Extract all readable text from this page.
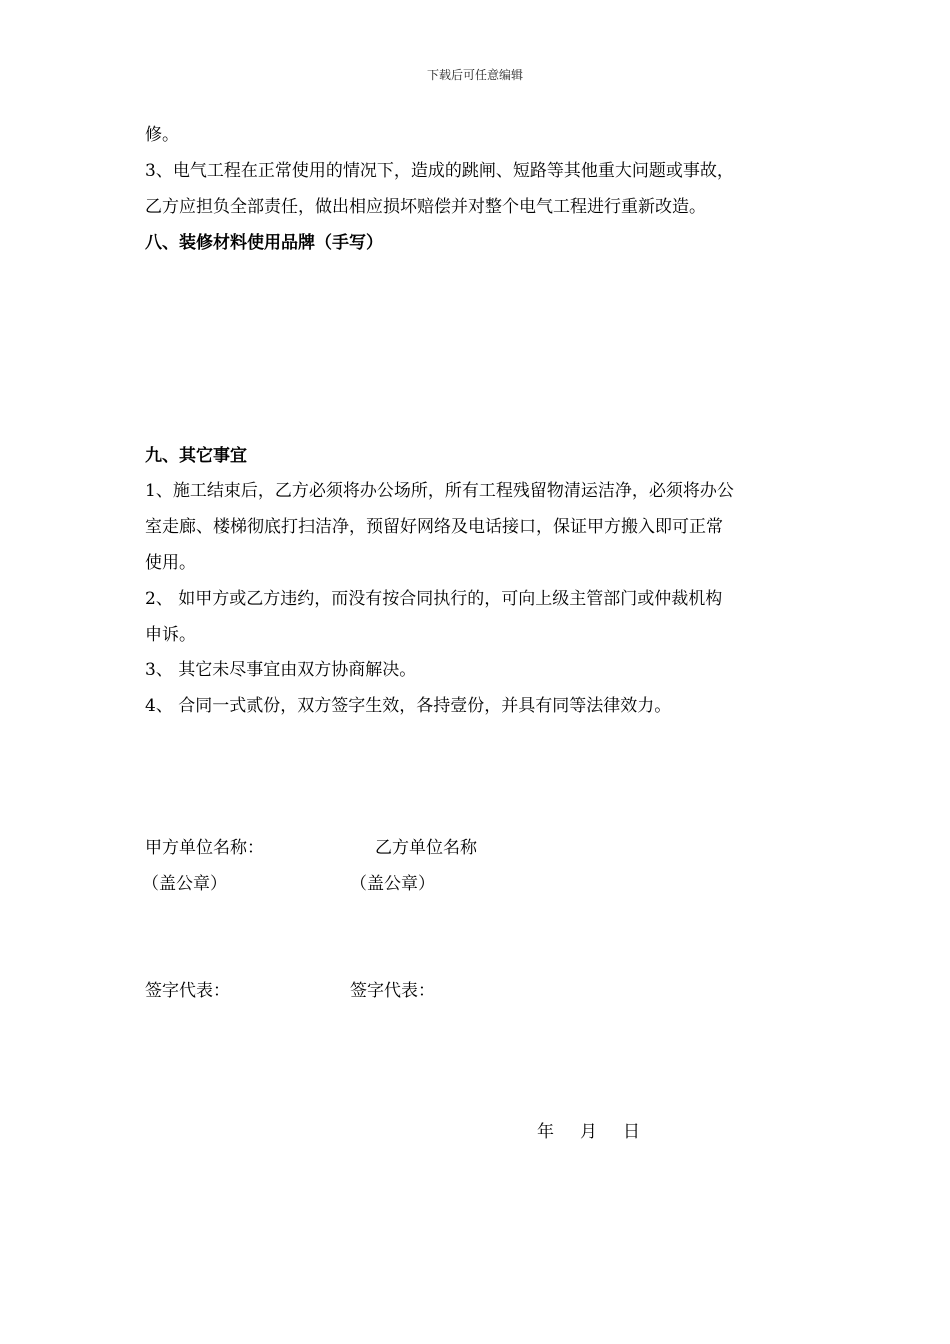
下载后可任意编辑
修。
3、电气工程在正常使用的情况下，造成的跳闸、短路等其他重大问题或事故，
乙方应担负全部责任，做出相应损坏赔偿并对整个电气工程进行重新改造。
八、装修材料使用品牌（手写）
九、其它事宜
1、施工结束后，乙方必须将办公场所，所有工程残留物清运洁净，必须将办公
室走廊、楼梯彻底打扫洁净，预留好网络及电话接口，保证甲方搬入即可正常
使用。
2、 如甲方或乙方违约，而没有按合同执行的，可向上级主管部门或仲裁机构
申诉。
3、 其它未尽事宜由双方协商解决。
4、 合同一式贰份，双方签字生效，各持壹份，并具有同等法律效力。
甲方单位名称：	乙方单位名称
（盖公章）	（盖公章）
签字代表：	签字代表：
年 月 日
